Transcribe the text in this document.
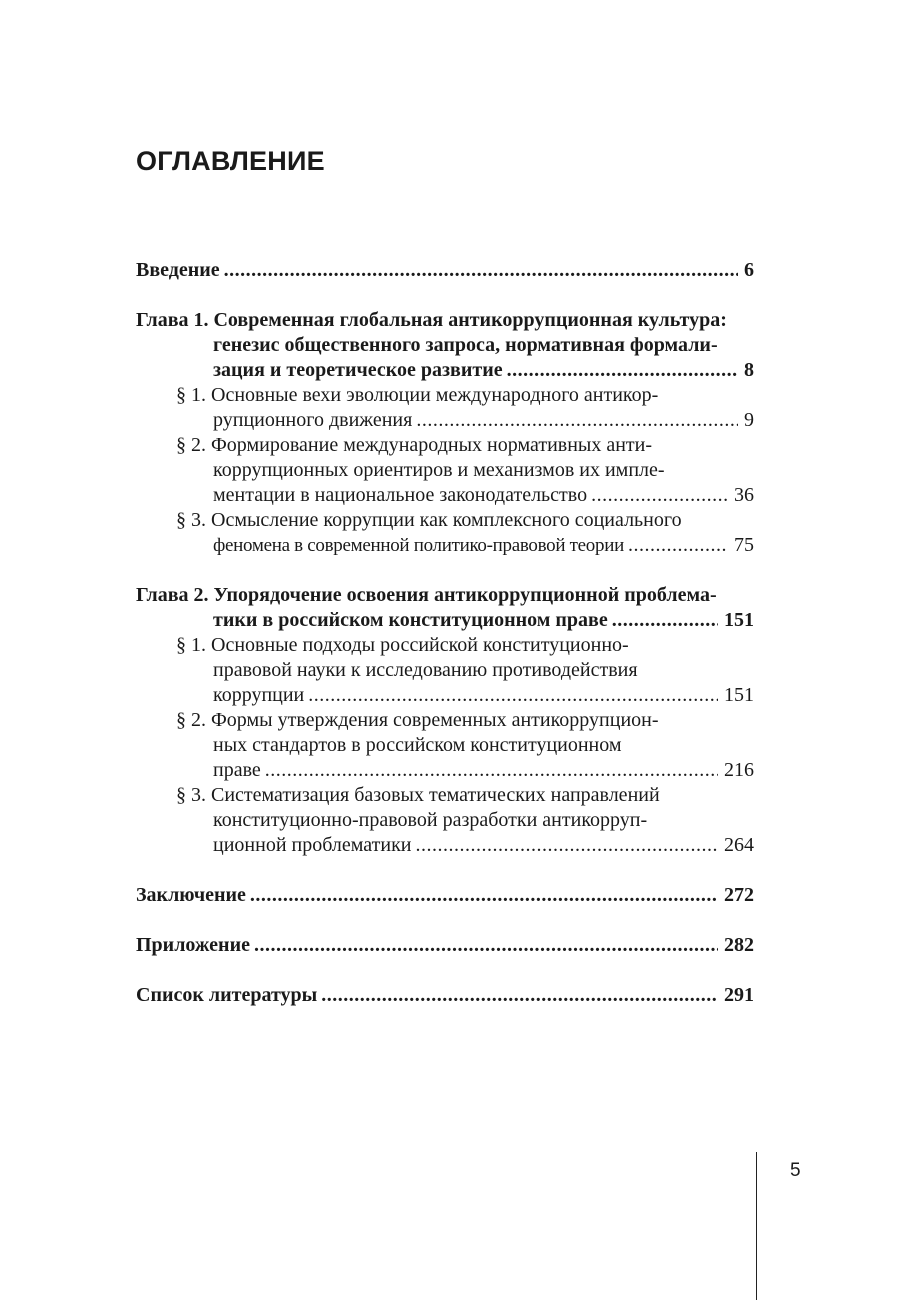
ОГЛАВЛЕНИЕ
Введение .....	6
Глава 1. Современная глобальная антикоррупционная культура:
генезис общественного запроса, нормативная формали-
зация и теоретическое развитие .....	8
§ 1. Основные вехи эволюции международного антикор-
рупционного движения .....	9
§ 2. Формирование международных нормативных анти-
коррупционных ориентиров и механизмов их импле-
ментации в национальное законодательство .....	36
§ 3. Осмысление коррупции как комплексного социального
феномена в современной политико-правовой теории .....	75
Глава 2. Упорядочение освоения антикоррупционной проблема-
тики в российском конституционном праве .....	151
§ 1. Основные подходы российской конституционно-
правовой науки к исследованию противодействия
коррупции .....	151
§ 2. Формы утверждения современных антикоррупцион-
ных стандартов в российском конституционном
праве .....	216
§ 3. Систематизация базовых тематических направлений
конституционно-правовой разработки антикорруп-
ционной проблематики .....	264
Заключение .....	272
Приложение .....	282
Список литературы .....	291
5
